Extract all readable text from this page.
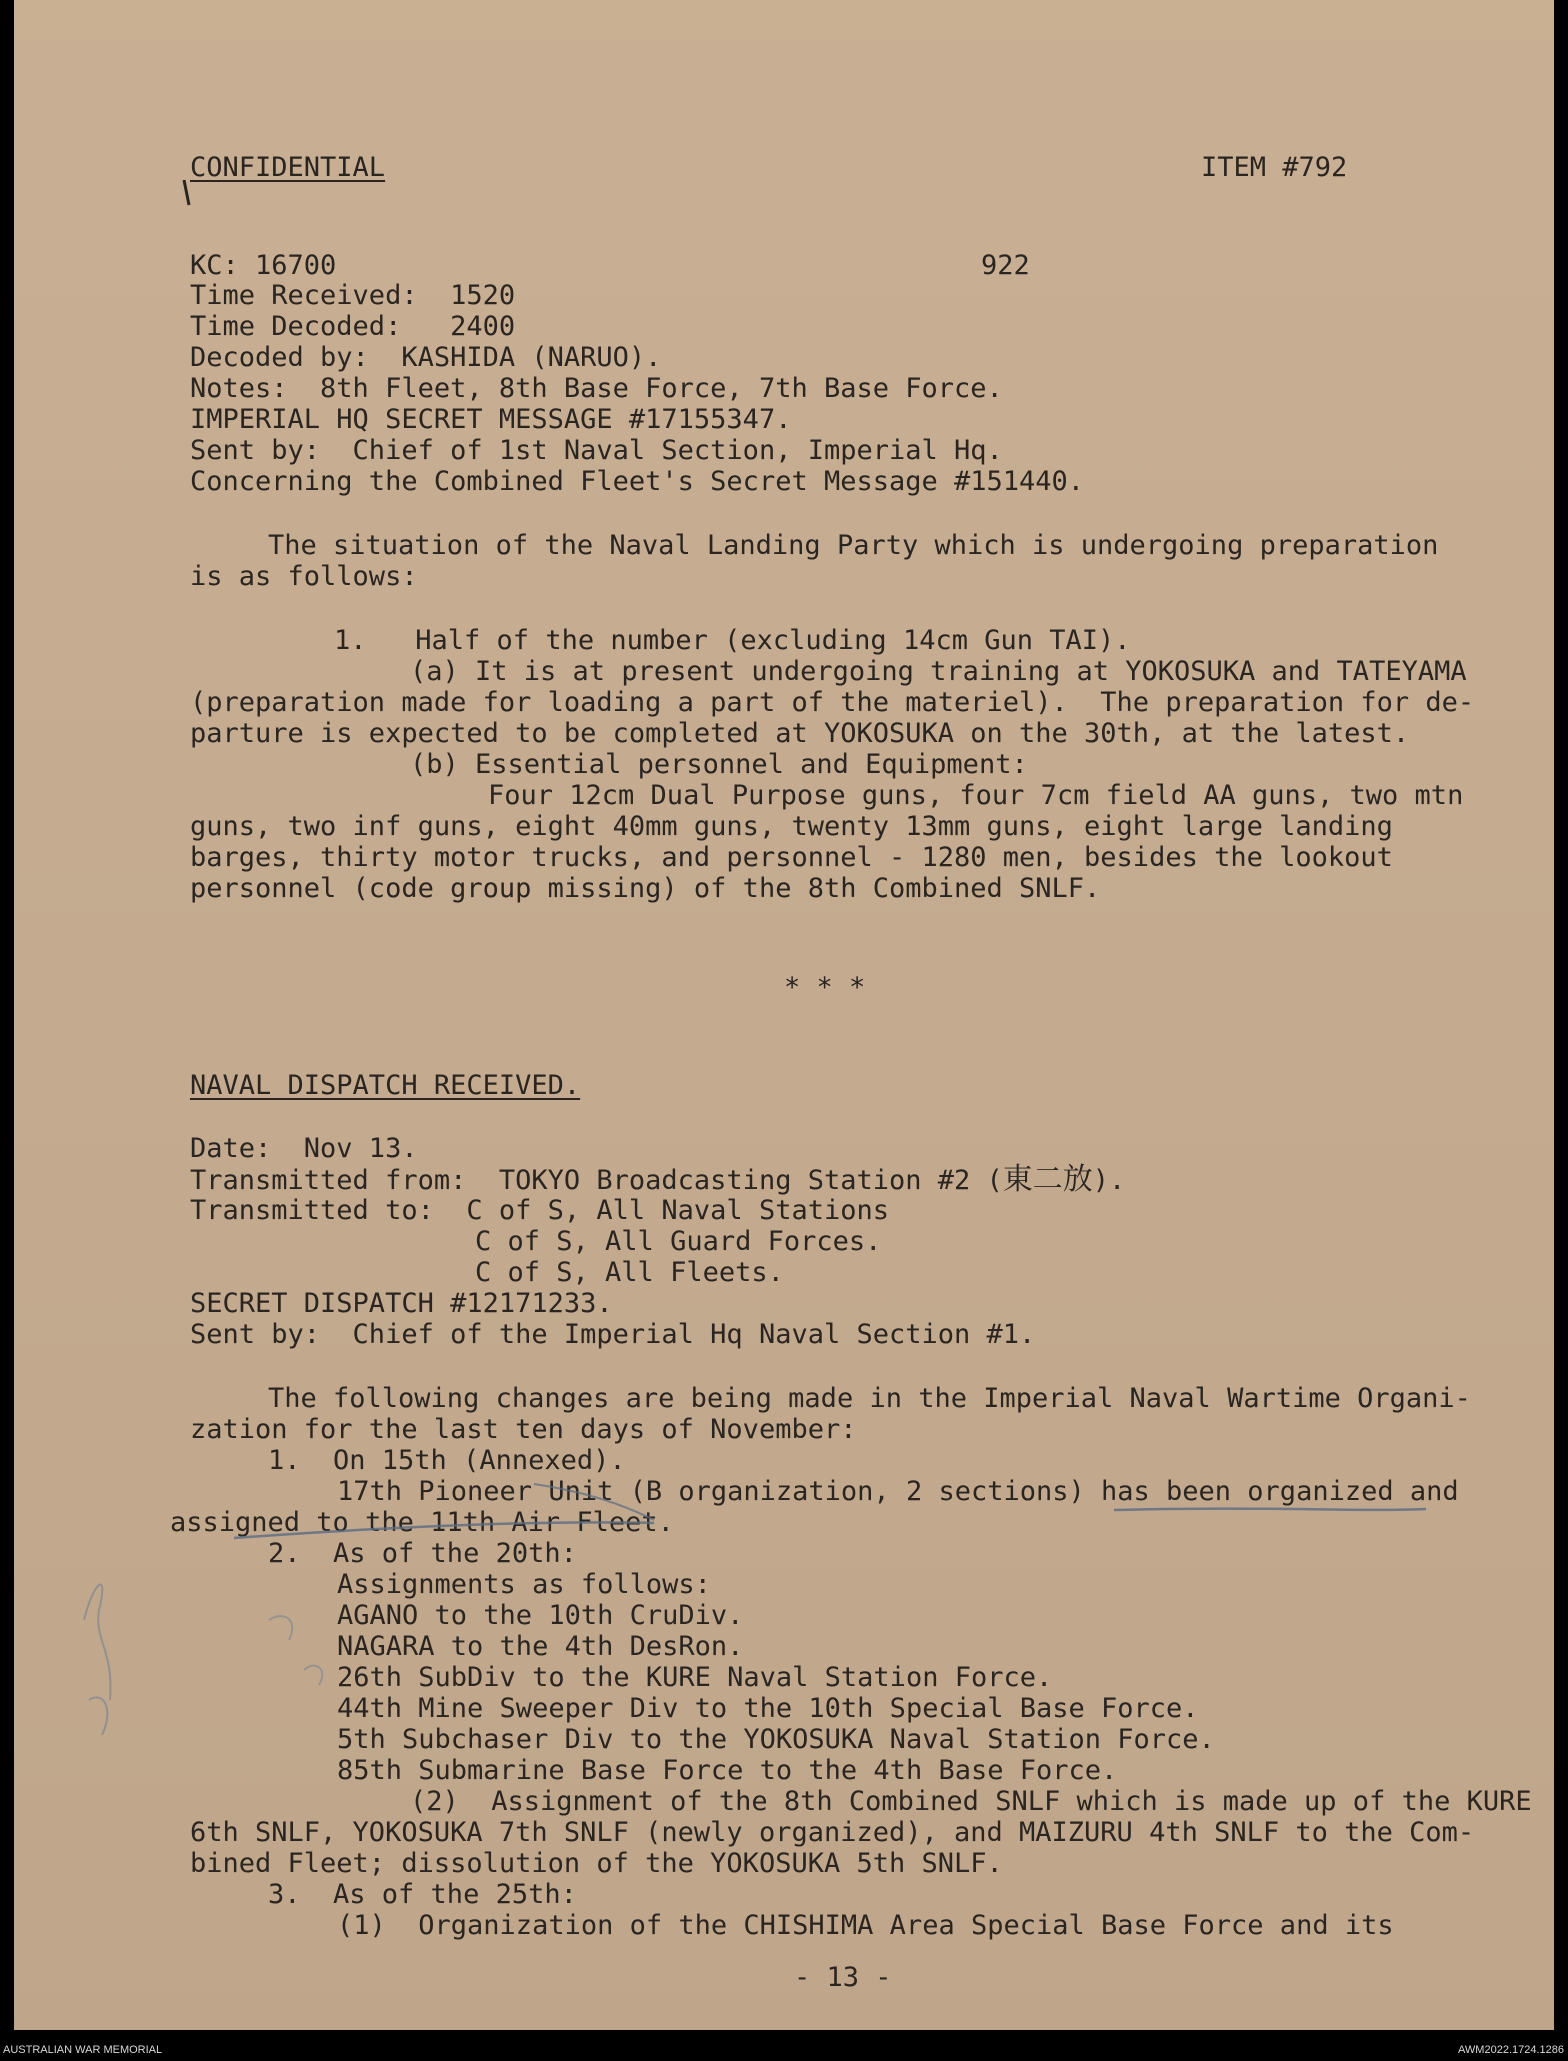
CONFIDENTIAL	ITEM #792
KC: 16700	922
Time Received:  1520
Time Decoded:   2400
Decoded by:  KASHIDA (NARUO).
Notes:  8th Fleet, 8th Base Force, 7th Base Force.
IMPERIAL HQ SECRET MESSAGE #17155347.
Sent by:  Chief of 1st Naval Section, Imperial Hq.
Concerning the Combined Fleet's Secret Message #151440.
The situation of the Naval Landing Party which is undergoing preparation
is as follows:
1.   Half of the number (excluding 14cm Gun TAI).
(a) It is at present undergoing training at YOKOSUKA and TATEYAMA
(preparation made for loading a part of the materiel).  The preparation for de-
parture is expected to be completed at YOKOSUKA on the 30th, at the latest.
(b) Essential personnel and Equipment:
Four 12cm Dual Purpose guns, four 7cm field AA guns, two mtn
guns, two inf guns, eight 40mm guns, twenty 13mm guns, eight large landing
barges, thirty motor trucks, and personnel - 1280 men, besides the lookout
personnel (code group missing) of the 8th Combined SNLF.
* * *
NAVAL DISPATCH RECEIVED.
Date:  Nov 13.
Transmitted from:  TOKYO Broadcasting Station #2 (東二放).
Transmitted to:  C of S, All Naval Stations
C of S, All Guard Forces.
C of S, All Fleets.
SECRET DISPATCH #12171233.
Sent by:  Chief of the Imperial Hq Naval Section #1.
The following changes are being made in the Imperial Naval Wartime Organi-
zation for the last ten days of November:
1.  On 15th (Annexed).
17th Pioneer Unit (B organization, 2 sections) has been organized and
assigned to the 11th Air Fleet.
2.  As of the 20th:
Assignments as follows:
AGANO to the 10th CruDiv.
NAGARA to the 4th DesRon.
26th SubDiv to the KURE Naval Station Force.
44th Mine Sweeper Div to the 10th Special Base Force.
5th Subchaser Div to the YOKOSUKA Naval Station Force.
85th Submarine Base Force to the 4th Base Force.
(2)  Assignment of the 8th Combined SNLF which is made up of the KURE
6th SNLF, YOKOSUKA 7th SNLF (newly organized), and MAIZURU 4th SNLF to the Com-
bined Fleet; dissolution of the YOKOSUKA 5th SNLF.
3.  As of the 25th:
(1)  Organization of the CHISHIMA Area Special Base Force and its
- 13 -
AUSTRALIAN WAR MEMORIAL	AWM2022.1724.1286
